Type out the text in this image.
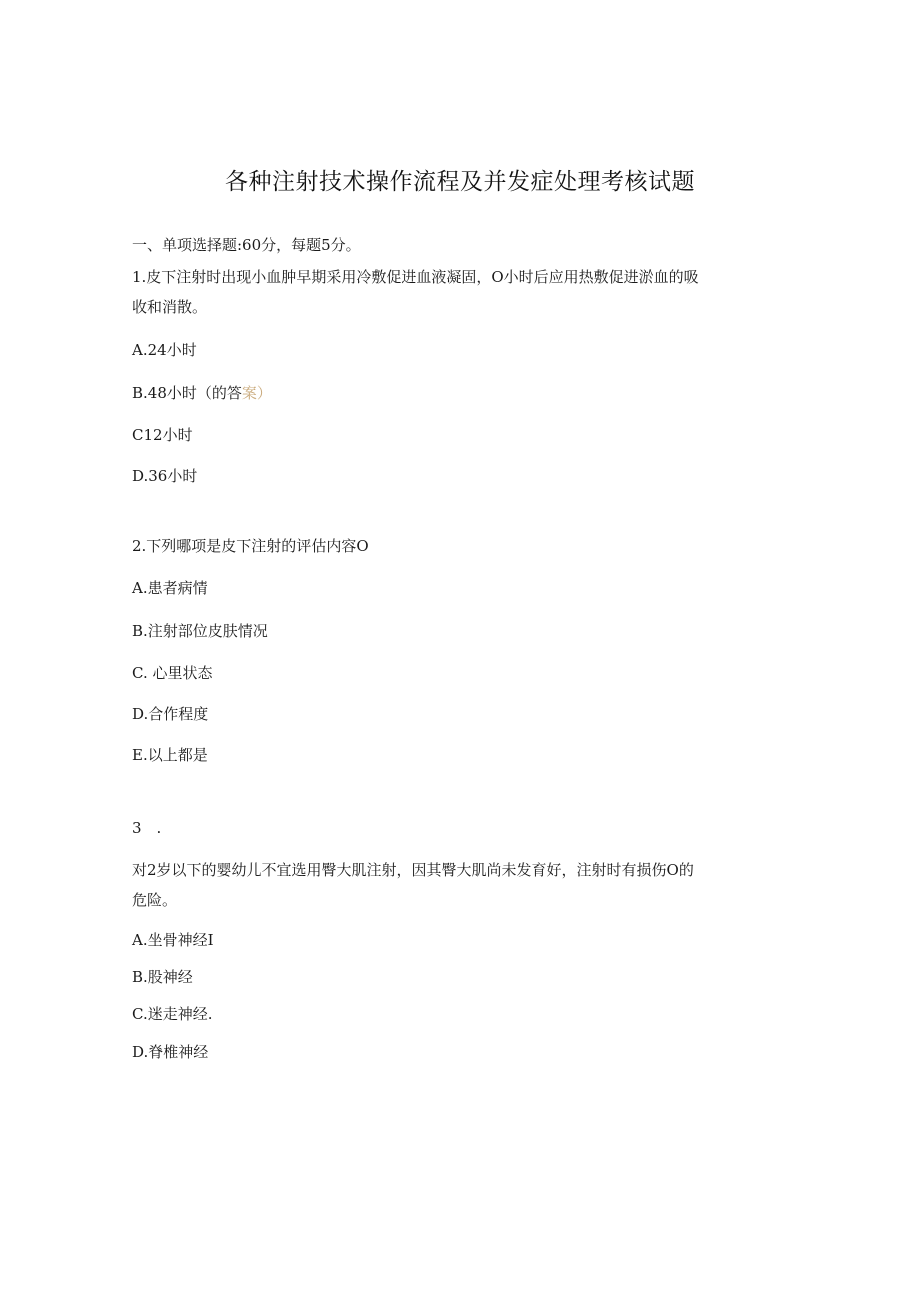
各种注射技术操作流程及并发症处理考核试题
一、单项选择题:60分，每题5分。
1.皮下注射时出现小血肿早期采用冷敷促进血液凝固，O小时后应用热敷促进淤血的吸
收和消散。
A.24小时
B.48小时（的答案）
C12小时
D.36小时
2.下列哪项是皮下注射的评估内容O
A.患者病情
B.注射部位皮肤情况
C. 心里状态
D.合作程度
E.以上都是
3　.
对2岁以下的婴幼儿不宜选用臀大肌注射，因其臀大肌尚未发育好，注射时有损伤O的
危险。
A.坐骨神经I
B.股神经
C.迷走神经.
D.脊椎神经
